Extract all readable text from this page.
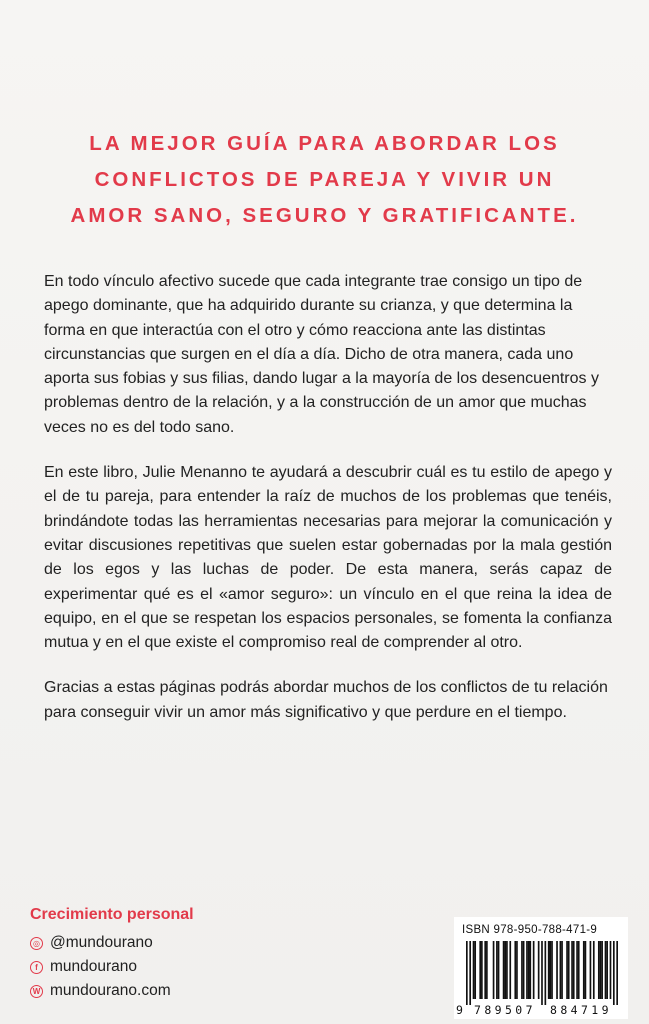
LA MEJOR GUÍA PARA ABORDAR LOS
CONFLICTOS DE PAREJA Y VIVIR UN
AMOR SANO, SEGURO Y GRATIFICANTE.

En todo vínculo afectivo sucede que cada integrante trae consigo un tipo de apego dominante, que ha adquirido durante su crianza, y que determina la forma en que interactúa con el otro y cómo reacciona ante las distintas circunstancias que surgen en el día a día. Dicho de otra manera, cada uno aporta sus fobias y sus filias, dando lugar a la mayoría de los desencuentros y problemas dentro de la relación, y a la construcción de un amor que muchas veces no es del todo sano.

En este libro, Julie Menanno te ayudará a descubrir cuál es tu estilo de apego y el de tu pareja, para entender la raíz de muchos de los problemas que tenéis, brindándote todas las herramientas necesarias para mejorar la comunicación y evitar discusiones repetitivas que suelen estar gobernadas por la mala gestión de los egos y las luchas de poder. De esta manera, serás capaz de experimentar qué es el «amor seguro»: un vínculo en el que reina la idea de equipo, en el que se respetan los espacios personales, se fomenta la confianza mutua y en el que existe el compromiso real de comprender al otro.

Gracias a estas páginas podrás abordar muchos de los conflictos de tu relación para conseguir vivir un amor más significativo y que perdure en el tiempo.

Crecimiento personal
◎ @mundourano
f mundourano
W mundourano.com
ISBN 978-950-788-471-9
9 789507 884719
